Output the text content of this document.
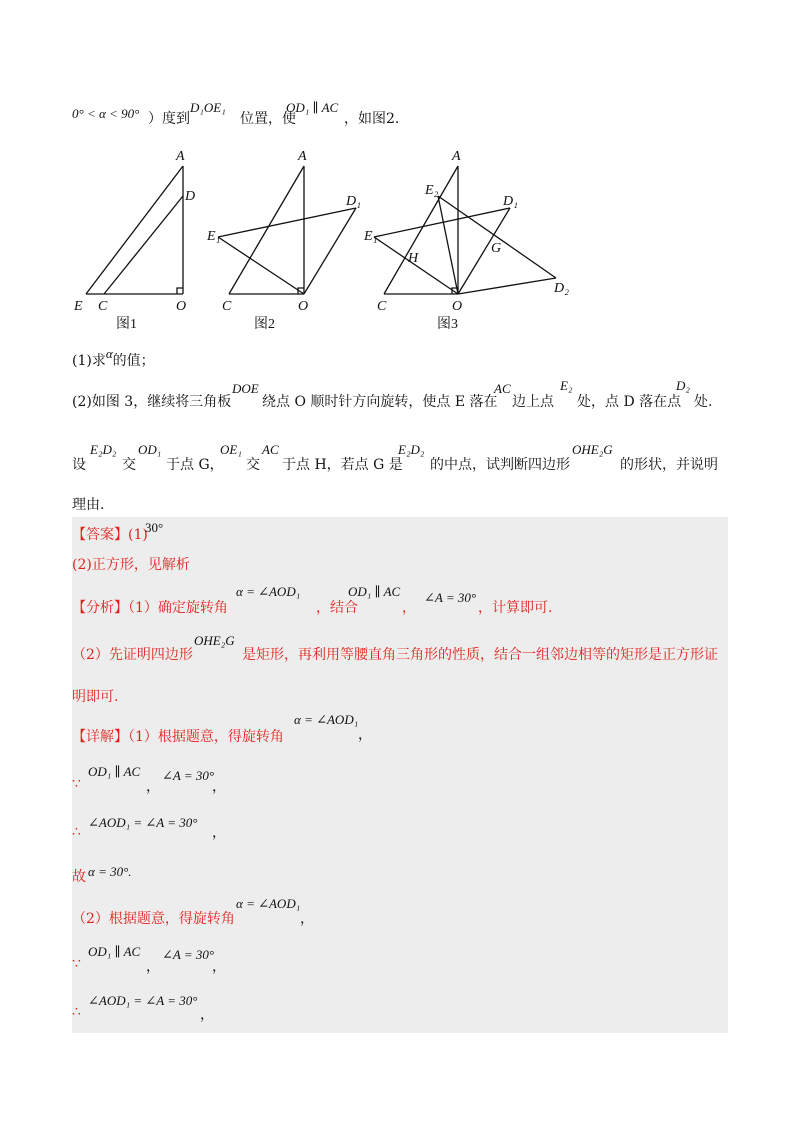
0° < α < 90° ）度到
D₁OE₁
位置，使
OD₁ ∥ AC
，如图2.
A
D
E C	O
A
D₁
E₁
C	O
A
E₂
D₁
E₁
H
G
D₂
C	O
图1	图2	图3
(1)求α的值；
(2)如图 3，继续将三角板
DOE
绕点 O 顺时针方向旋转，使点 E 落在
AC
边上点
E₂
处，点 D 落在点
D₂
处.
设
E₂D₂
交
OD₁
于点 G，
OE₁
交
AC
于点 H，若点 G 是
E₂D₂
的中点，试判断四边形
OHE₂G
的形状，并说明
理由.
【答案】(1)
30°
(2)正方形，见解析
【分析】（1）确定旋转角
α = ∠AOD₁
，结合
OD₁ ∥ AC
，
∠A = 30°
，计算即可.
（2）先证明四边形
OHE₂G
是矩形，再利用等腰直角三角形的性质，结合一组邻边相等的矩形是正方形证
明即可.
【详解】（1）根据题意，得旋转角
α = ∠AOD₁
，
∵
OD₁ ∥ AC
，
∠A = 30°
，
∴
∠AOD₁ = ∠A = 30°
，
故 α = 30°.
（2）根据题意，得旋转角
α = ∠AOD₁
，
∵
OD₁ ∥ AC
，
∠A = 30°
，
∴
∠AOD₁ = ∠A = 30°
，
